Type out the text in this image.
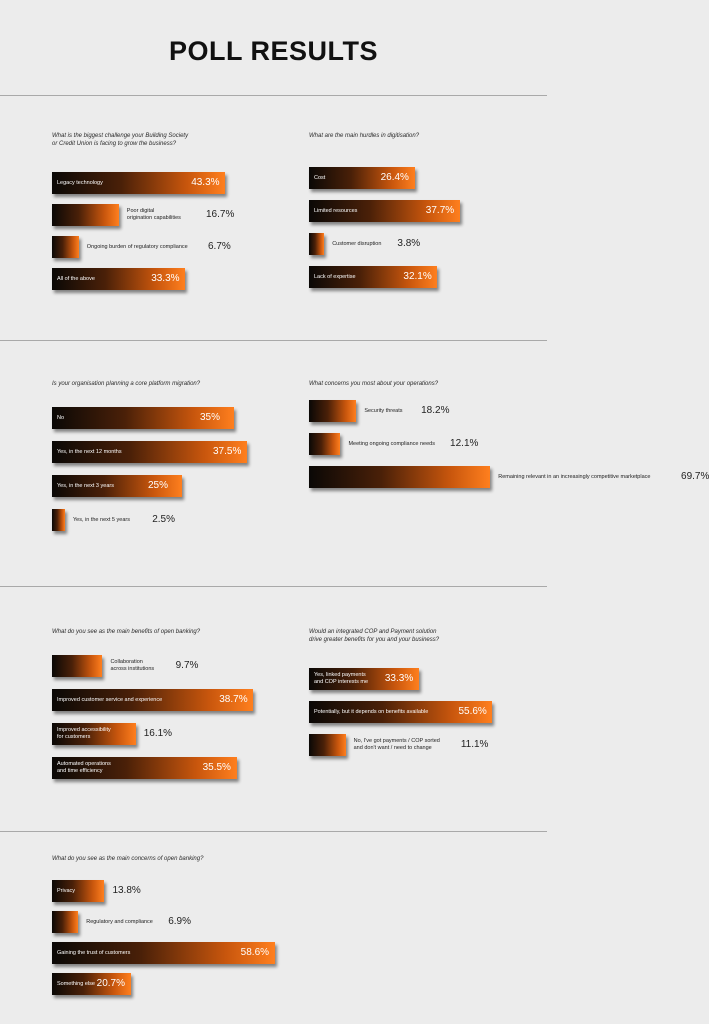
POLL RESULTS
What is the biggest challenge your Building Society
or Credit Union is facing to grow the business?
Legacy technology	43.3%
Poor digital
origination capabilities	16.7%
Ongoing burden of regulatory compliance 6.7%
All of the above	33.3%
What are the main hurdles in digitisation?
Cost	26.4%
Limited resources	37.7%
Customer disruption 3.8%
Lack of expertise	32.1%
Is your organisation planning a core platform migration?
No	35%
Yes, in the next 12 months	37.5%
Yes, in the next 3 years	25%
Yes, in the next 5 years 2.5%
What concerns you most about your operations?
Security threats 18.2%
Meeting ongoing compliance needs 12.1%
Remaining relevant in an increasingly competitive marketplace	69.7%
What do you see as the main benefits of open banking?
Collaboration
across institutions 9.7%
Improved customer service and experience	38.7%
Improved accessibility
for customers	16.1%
Automated operations
and time efficiency	35.5%
Would an integrated COP and Payment solution
drive greater benefits for you and your business?
Yes, linked payments
and COP interests me 33.3%
Potentially, but it depends on benefits available	55.6%
No, I've got payments / COP sorted
and don't want / need to change	11.1%
What do you see as the main concerns of open banking?
Privacy	13.8%
Regulatory and compliance 6.9%
Gaining the trust of customers	58.6%
Something else 20.7%
